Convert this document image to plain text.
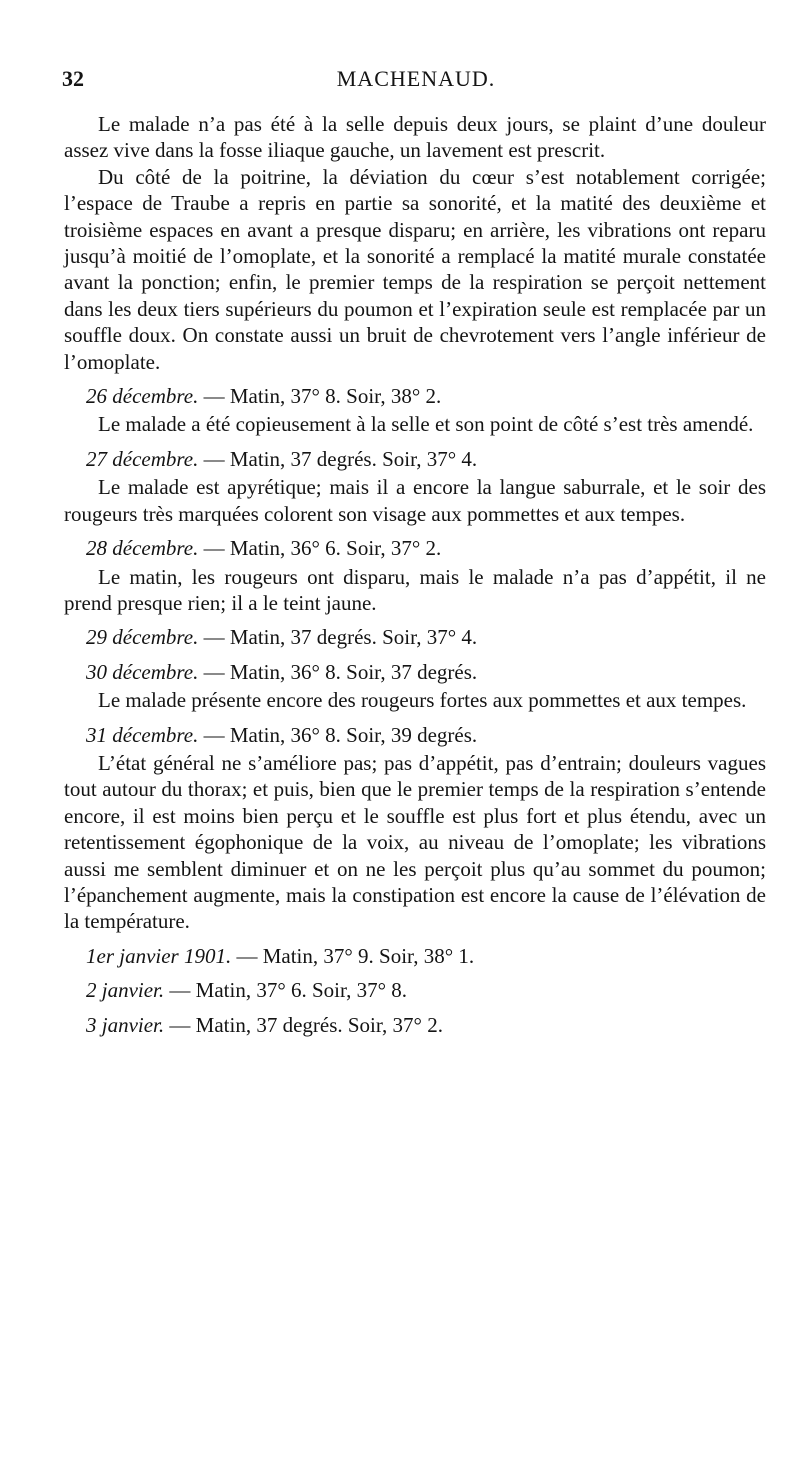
32	MACHENAUD.

Le malade n’a pas été à la selle depuis deux jours, se plaint d’une douleur assez vive dans la fosse iliaque gauche, un lavement est prescrit.

Du côté de la poitrine, la déviation du cœur s’est notablement corrigée; l’espace de Traube a repris en partie sa sonorité, et la matité des deuxième et troisième espaces en avant a presque disparu; en arrière, les vibrations ont reparu jusqu’à moitié de l’omoplate, et la sonorité a remplacé la matité murale constatée avant la ponction; enfin, le premier temps de la respiration se perçoit nettement dans les deux tiers supérieurs du poumon et l’expiration seule est remplacée par un souffle doux. On constate aussi un bruit de chevrotement vers l’angle inférieur de l’omoplate.

26 décembre. — Matin, 37° 8. Soir, 38° 2.

Le malade a été copieusement à la selle et son point de côté s’est très amendé.

27 décembre. — Matin, 37 degrés. Soir, 37° 4.

Le malade est apyrétique; mais il a encore la langue saburrale, et le soir des rougeurs très marquées colorent son visage aux pommettes et aux tempes.

28 décembre. — Matin, 36° 6. Soir, 37° 2.

Le matin, les rougeurs ont disparu, mais le malade n’a pas d’appétit, il ne prend presque rien; il a le teint jaune.

29 décembre. — Matin, 37 degrés. Soir, 37° 4.

30 décembre. — Matin, 36° 8. Soir, 37 degrés.

Le malade présente encore des rougeurs fortes aux pommettes et aux tempes.

31 décembre. — Matin, 36° 8. Soir, 39 degrés.

L’état général ne s’améliore pas; pas d’appétit, pas d’entrain; douleurs vagues tout autour du thorax; et puis, bien que le premier temps de la respiration s’entende encore, il est moins bien perçu et le souffle est plus fort et plus étendu, avec un retentissement égophonique de la voix, au niveau de l’omoplate; les vibrations aussi me semblent diminuer et on ne les perçoit plus qu’au sommet du poumon; l’épanchement augmente, mais la constipation est encore la cause de l’élévation de la température.

1er janvier 1901. — Matin, 37° 9. Soir, 38° 1.

2 janvier. — Matin, 37° 6. Soir, 37° 8.

3 janvier. — Matin, 37 degrés. Soir, 37° 2.
